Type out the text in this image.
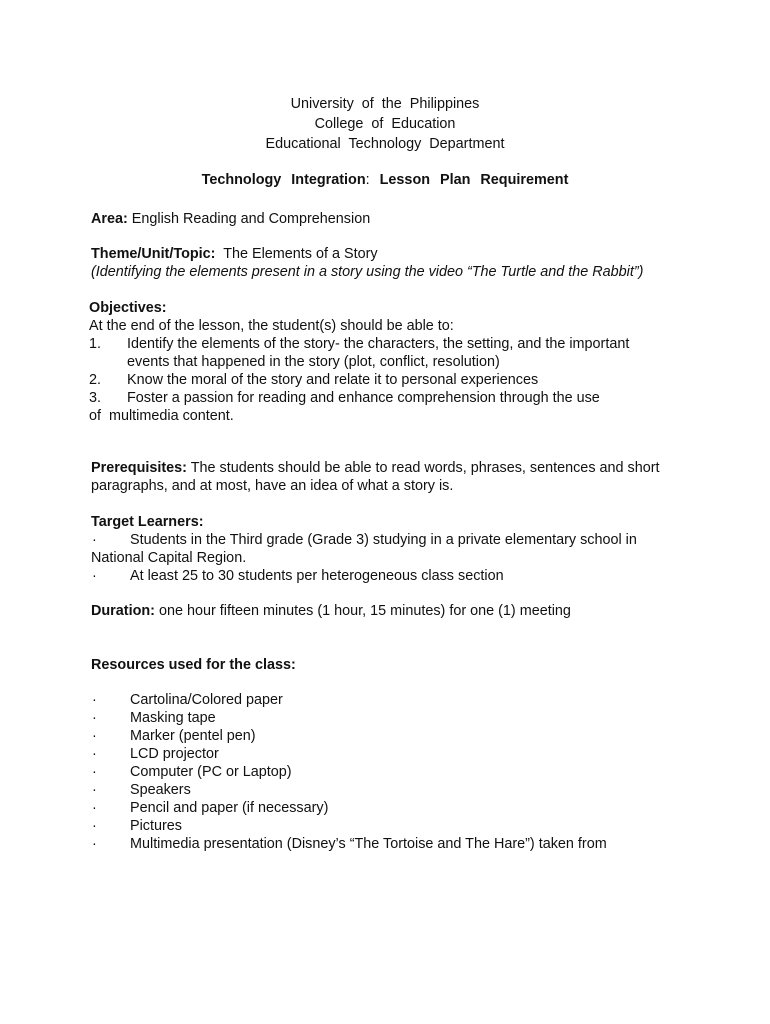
University of the Philippines
College of Education
Educational Technology Department
Technology Integration: Lesson Plan Requirement
Area: English Reading and Comprehension
Theme/Unit/Topic:  The Elements of a Story
(Identifying the elements present in a story using the video “The Turtle and the Rabbit”)
Objectives:
At the end of the lesson, the student(s) should be able to:
1.	Identify the elements of the story- the characters, the setting, and the important
events that happened in the story (plot, conflict, resolution)
2.	Know the moral of the story and relate it to personal experiences
3.	Foster a passion for reading and enhance comprehension through the use
of  multimedia content.
Prerequisites: The students should be able to read words, phrases, sentences and short paragraphs, and at most, have an idea of what a story is.
Target Learners:
·	Students in the Third grade (Grade 3) studying in a private elementary school in
National Capital Region.
·	At least 25 to 30 students per heterogeneous class section
Duration: one hour fifteen minutes (1 hour, 15 minutes) for one (1) meeting
Resources used for the class:
·	Cartolina/Colored paper
·	Masking tape
·	Marker (pentel pen)
·	LCD projector
·	Computer (PC or Laptop)
·	Speakers
·	Pencil and paper (if necessary)
·	Pictures
·	Multimedia presentation (Disney’s “The Tortoise and The Hare”) taken from
